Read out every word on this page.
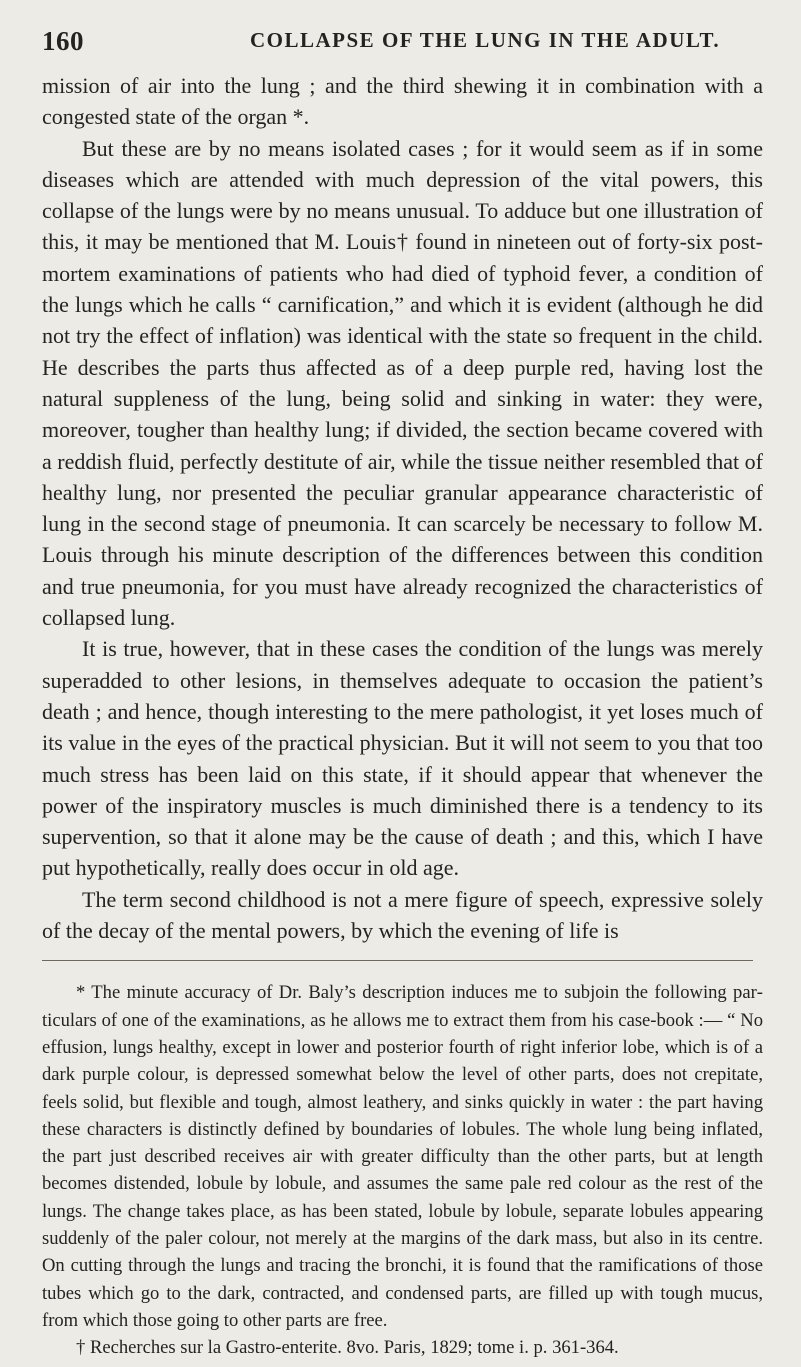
160	COLLAPSE OF THE LUNG IN THE ADULT.

mission of air into the lung ; and the third shewing it in combination with a congested state of the organ *.

But these are by no means isolated cases ; for it would seem as if in some diseases which are attended with much depression of the vital powers, this collapse of the lungs were by no means unusual. To adduce but one illustration of this, it may be mentioned that M. Louis† found in nineteen out of forty-six post-mortem examinations of patients who had died of typhoid fever, a condition of the lungs which he calls “ carnification,” and which it is evident (although he did not try the effect of inflation) was identical with the state so frequent in the child. He describes the parts thus affected as of a deep purple red, having lost the natural suppleness of the lung, being solid and sinking in water: they were, moreover, tougher than healthy lung; if divided, the section became covered with a reddish fluid, perfectly destitute of air, while the tissue neither resembled that of healthy lung, nor presented the peculiar granular appearance characteristic of lung in the second stage of pneumonia. It can scarcely be necessary to follow M. Louis through his minute description of the differences between this condition and true pneumonia, for you must have already recognized the characteristics of collapsed lung.

It is true, however, that in these cases the condition of the lungs was merely superadded to other lesions, in themselves adequate to occasion the patient’s death ; and hence, though interesting to the mere pathologist, it yet loses much of its value in the eyes of the practical physician. But it will not seem to you that too much stress has been laid on this state, if it should appear that whenever the power of the inspiratory muscles is much diminished there is a tendency to its supervention, so that it alone may be the cause of death ; and this, which I have put hypothetically, really does occur in old age.

The term second childhood is not a mere figure of speech, expressive solely of the decay of the mental powers, by which the evening of life is

* The minute accuracy of Dr. Baly’s description induces me to subjoin the following particulars of one of the examinations, as he allows me to extract them from his case-book :— “ No effusion, lungs healthy, except in lower and posterior fourth of right inferior lobe, which is of a dark purple colour, is depressed somewhat below the level of other parts, does not crepitate, feels solid, but flexible and tough, almost leathery, and sinks quickly in water : the part having these characters is distinctly defined by boundaries of lobules. The whole lung being inflated, the part just described receives air with greater difficulty than the other parts, but at length becomes distended, lobule by lobule, and assumes the same pale red colour as the rest of the lungs. The change takes place, as has been stated, lobule by lobule, separate lobules appearing suddenly of the paler colour, not merely at the margins of the dark mass, but also in its centre. On cutting through the lungs and tracing the bronchi, it is found that the ramifications of those tubes which go to the dark, contracted, and condensed parts, are filled up with tough mucus, from which those going to other parts are free.

† Recherches sur la Gastro-enterite. 8vo. Paris, 1829; tome i. p. 361-364.
